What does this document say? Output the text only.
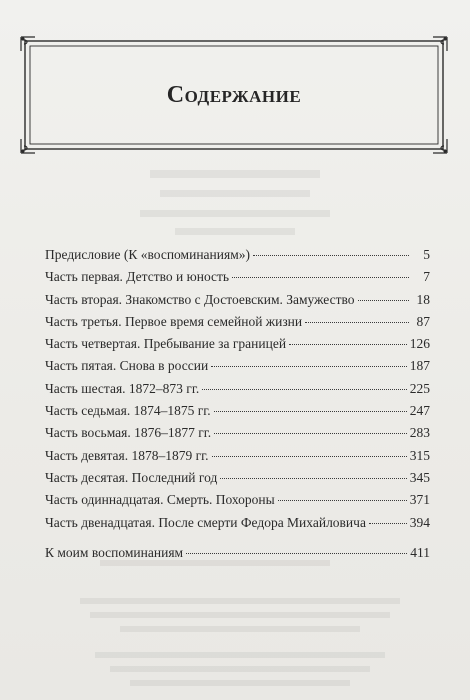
Содержание
Предисловие (К «воспоминаниям»)	5
Часть первая. Детство и юность	7
Часть вторая. Знакомство с Достоевским. Замужество	18
Часть третья. Первое время семейной жизни	87
Часть четвертая. Пребывание за границей	126
Часть пятая. Снова в россии	187
Часть шестая. 1872–873 гг.	225
Часть седьмая. 1874–1875 гг.	247
Часть восьмая. 1876–1877 гг.	283
Часть девятая. 1878–1879 гг.	315
Часть десятая. Последний год	345
Часть одиннадцатая. Смерть. Похороны	371
Часть двенадцатая. После смерти Федора Михайловича	394
К моим воспоминаниям	411
